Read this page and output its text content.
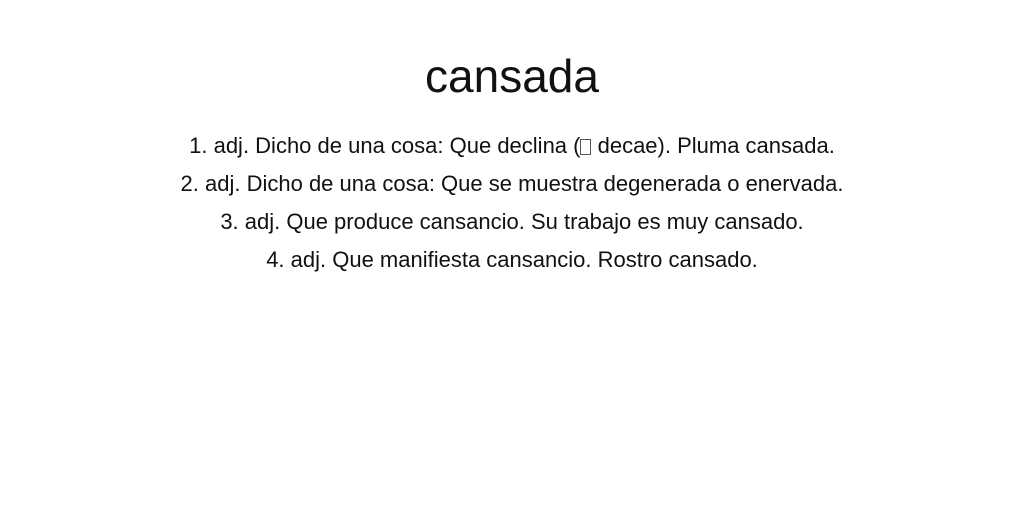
cansada
1. adj. Dicho de una cosa: Que declina ( decae). Pluma cansada.
2. adj. Dicho de una cosa: Que se muestra degenerada o enervada.
3. adj. Que produce cansancio. Su trabajo es muy cansado.
4. adj. Que manifiesta cansancio. Rostro cansado.
